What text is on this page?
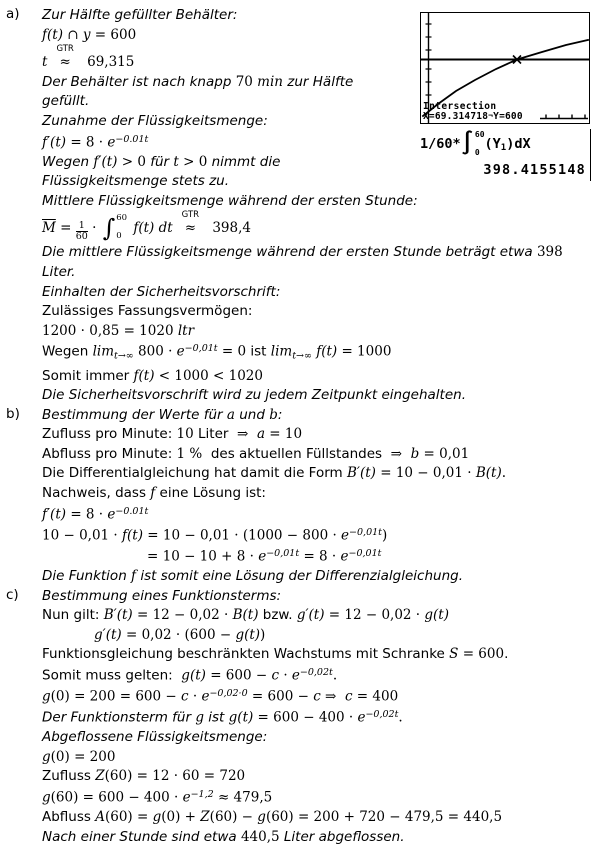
a) Zur Hälfte gefüllter Behälter:
f(t) ∩ y = 600
t
GTR
≈ 69,315
Der Behälter ist nach knapp 70 min zur Hälfte
gefüllt.
Zunahme der Flüssigkeitsmenge:
$f'(t) = 8 \cdot e^{-0.01t}$
Wegen f′(t) > 0 für t > 0 nimmt die
Flüssigkeitsmenge stets zu.
Mittlere Flüssigkeitsmenge während der ersten Stunde:
$\overline{M} = \frac{1}{60}$ · ∫ 60
0 f(t) dt
GTR
≈ 398,4
Die mittlere Flüssigkeitsmenge während der ersten Stunde beträgt etwa 398
Liter.
Einhalten der Sicherheitsvorschrift:
Zulässiges Fassungsvermögen:
1200 · 0,85 = 1020 ltr
Wegen limt→∞ $800 \cdot e^{-0,01t} = 0$ ist limt→∞ f(t) = 1000
Somit immer f(t) < 1000 < 1020
Die Sicherheitsvorschrift wird zu jedem Zeitpunkt eingehalten.
b) Bestimmung der Werte für a und b:
Zufluss pro Minute: 10 Liter  ⇒  a = 10
Abfluss pro Minute: 1 %  des aktuellen Füllstandes  ⇒  b = 0,01
Die Differentialgleichung hat damit die Form B′(t) = 10 − 0,01 · B(t).
Nachweis, dass f eine Lösung ist:
$f'(t) = 8 \cdot e^{-0.01t}$
$10 - 0,01 \cdot f(t) = 10 - 0,01 \cdot (1000 - 800 \cdot e^{-0,01t})$
= $10 - 10 + 8 \cdot e^{-0,01t} = 8 \cdot e^{-0,01t}$
Die Funktion f ist somit eine Lösung der Differenzialgleichung.
c) Bestimmung eines Funktionsterms:
Nun gilt: B′(t) = 12 − 0,02 · B(t) bzw. g′(t) = 12 − 0,02 · g(t)
g′(t) = 0,02 · (600 − g(t))
Funktionsgleichung beschränkten Wachstums mit Schranke S = 600.
Somit muss gelten:  $g(t) = 600 - c \cdot e^{-0,02t}$.
$g(0) = 200 = 600 - c \cdot e^{-0,02\cdot 0} = 600 - c$ ⇒  c = 400
Der Funktionsterm für g ist $g(t) = 600 - 400 \cdot e^{-0,02t}$.
Abgeflossene Flüssigkeitsmenge:
g(0) = 200
Zufluss Z(60) = 12 · 60 = 720
$g(60) = 600 - 400 \cdot e^{-1,2} \approx 479,5$
Abfluss A(60) = g(0) + Z(60) − g(60) = 200 + 720 − 479,5 = 440,5
Nach einer Stunde sind etwa 440,5 Liter abgeflossen.
Intersection
X=69.314718¬Y=600
1/60* ∫ 60
0
(Y1)dX
398.4155148
